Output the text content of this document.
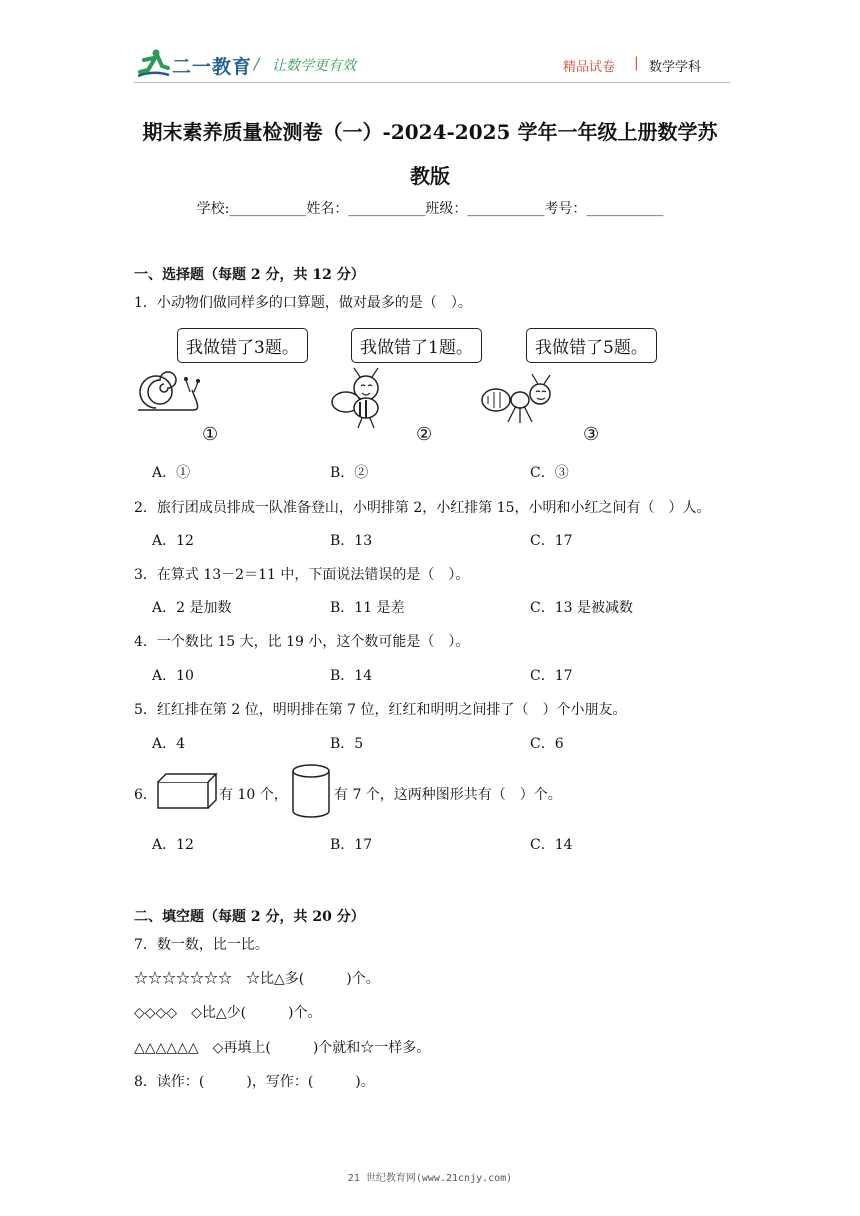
二一教育 / 让数学更有效	精品试卷 | 数学学科
期末素养质量检测卷（一）-2024-2025 学年一年级上册数学苏
教版
学校:___________姓名：___________班级：___________考号：___________
一、选择题（每题 2 分，共 12 分）
1．小动物们做同样多的口算题，做对最多的是（　）。
我做错了3题。	我做错了1题。	我做错了5题。
①	②	③
A．①	B．②	C．③
2．旅行团成员排成一队准备登山，小明排第 2，小红排第 15，小明和小红之间有（　）人。
A．12	B．13	C．17
3．在算式 13－2＝11 中，下面说法错误的是（　）。
A．2 是加数	B．11 是差	C．13 是被减数
4．一个数比 15 大，比 19 小，这个数可能是（　）。
A．10	B．14	C．17
5．红红排在第 2 位，明明排在第 7 位，红红和明明之间排了（　）个小朋友。
A．4	B．5	C．6
6．	有 10 个，	有 7 个，这两种图形共有（　）个。
A．12	B．17	C．14
二、填空题（每题 2 分，共 20 分）
7．数一数，比一比。
☆☆☆☆☆☆☆　☆比△多(　　　)个。
◇◇◇◇　◇比△少(　　　)个。
△△△△△△　◇再填上(　　　)个就和☆一样多。
8．读作：(　　　)，写作：(　　　)。
21 世纪教育网(www.21cnjy.com)
